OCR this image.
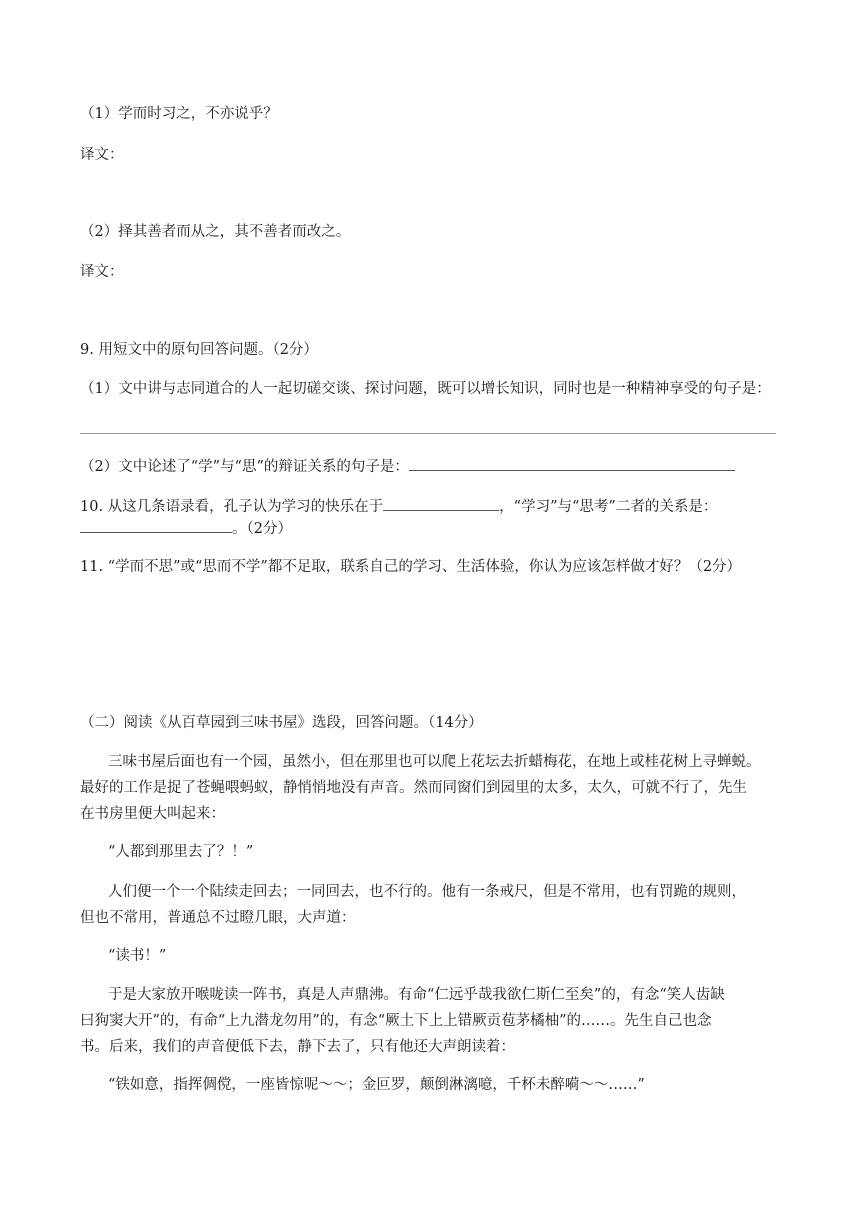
（1）学而时习之，不亦说乎？
译文：
（2）择其善者而从之，其不善者而改之。
译文：
9. 用短文中的原句回答问题。（2分）
（1）文中讲与志同道合的人一起切磋交谈、探讨问题，既可以增长知识，同时也是一种精神享受的句子是：
（2）文中论述了“学”与“思”的辩证关系的句子是：
10. 从这几条语录看，孔子认为学习的快乐在于	，“学习”与“思考”二者的关系是：
。（2分）
11. “学而不思”或“思而不学”都不足取，联系自己的学习、生活体验，你认为应该怎样做才好？（2分）
（二）阅读《从百草园到三味书屋》选段，回答问题。（14分）
三味书屋后面也有一个园，虽然小，但在那里也可以爬上花坛去折蜡梅花，在地上或桂花树上寻蝉蜕。
最好的工作是捉了苍蝇喂蚂蚁，静悄悄地没有声音。然而同窗们到园里的太多，太久，可就不行了，先生
在书房里便大叫起来：
“人都到那里去了？！”
人们便一个一个陆续走回去；一同回去，也不行的。他有一条戒尺，但是不常用，也有罚跪的规则，
但也不常用，普通总不过瞪几眼，大声道：
“读书！”
于是大家放开喉咙读一阵书，真是人声鼎沸。有命“仁远乎哉我欲仁斯仁至矣”的，有念“笑人齿缺
曰狗窦大开”的，有命“上九潜龙勿用”的，有念“厥土下上上错厥贡苞茅橘柚”的……。先生自己也念
书。后来，我们的声音便低下去，静下去了，只有他还大声朗读着：
“铁如意，指挥倜傥，一座皆惊呢～～；金叵罗，颠倒淋漓噫，千杯未醉嗬～～……”
